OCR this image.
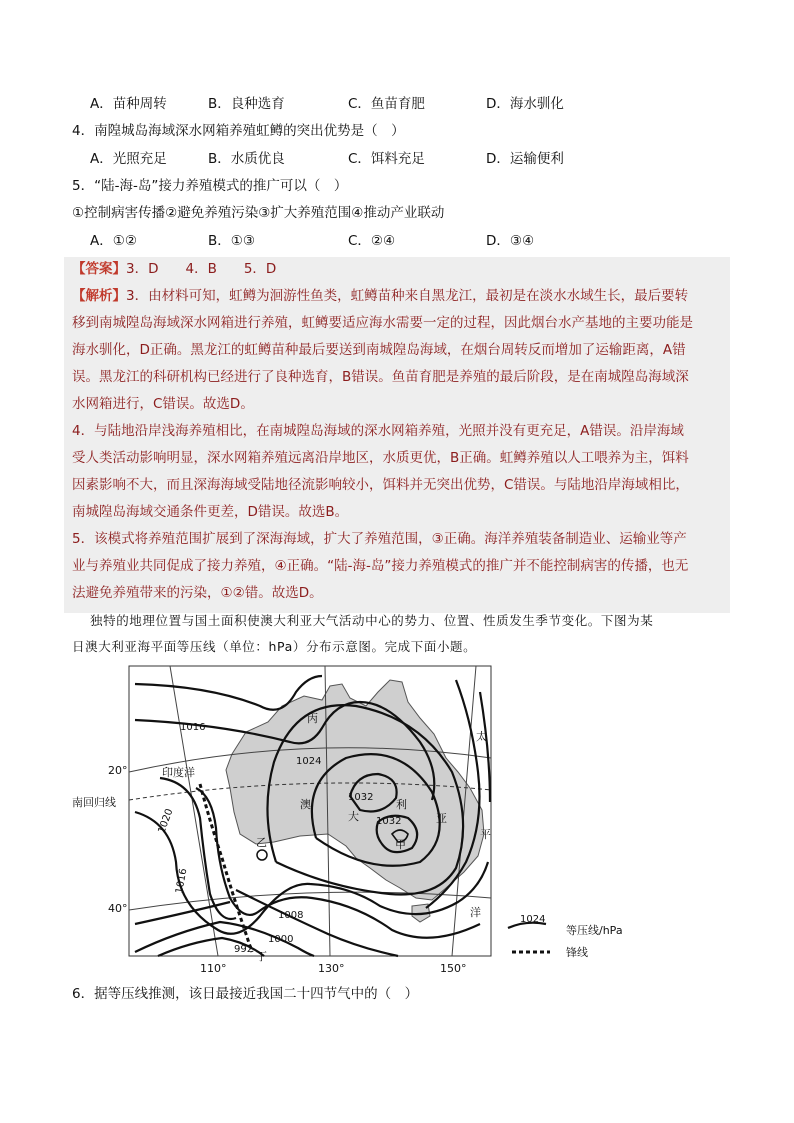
A．苗种周转	B．良种选育	C．鱼苗育肥	D．海水驯化
4．南隍城岛海域深水网箱养殖虹鳟的突出优势是（　）
A．光照充足	B．水质优良	C．饵料充足	D．运输便利
5．“陆-海-岛”接力养殖模式的推广可以（　）
①控制病害传播②避免养殖污染③扩大养殖范围④推动产业联动
A．①②	B．①③	C．②④	D．③④
【答案】3．D　　4．B　　5．D
【解析】3．由材料可知，虹鳟为洄游性鱼类，虹鳟苗种来自黑龙江，最初是在淡水水域生长，最后要转
移到南城隍岛海域深水网箱进行养殖，虹鳟要适应海水需要一定的过程，因此烟台水产基地的主要功能是
海水驯化，D正确。黑龙江的虹鳟苗种最后要送到南城隍岛海域，在烟台周转反而增加了运输距离，A错
误。黑龙江的科研机构已经进行了良种选育，B错误。鱼苗育肥是养殖的最后阶段，是在南城隍岛海域深
水网箱进行，C错误。故选D。
4．与陆地沿岸浅海养殖相比，在南城隍岛海域的深水网箱养殖，光照并没有更充足，A错误。沿岸海域
受人类活动影响明显，深水网箱养殖远离沿岸地区，水质更优，B正确。虹鳟养殖以人工喂养为主，饵料
因素影响不大，而且深海海域受陆地径流影响较小，饵料并无突出优势，C错误。与陆地沿岸海域相比，
南城隍岛海域交通条件更差，D错误。故选B。
5．该模式将养殖范围扩展到了深海海域，扩大了养殖范围，③正确。海洋养殖装备制造业、运输业等产
业与养殖业共同促成了接力养殖，④正确。“陆-海-岛”接力养殖模式的推广并不能控制病害的传播，也无
法避免养殖带来的污染，①②错。故选D。
独特的地理位置与国土面积使澳大利亚大气活动中心的势力、位置、性质发生季节变化。下图为某
日澳大利亚海平面等压线（单位：hPa）分布示意图。完成下面小题。
20°
南回归线
40°
110°	130°	150°
1016
1024
1032
1032
1020
1016
1008
1000
992
印度洋
丙
澳
大
利
亚
甲
乙
丁
太
平
洋
1024
等压线/hPa
锋线
6．据等压线推测，该日最接近我国二十四节气中的（　）
